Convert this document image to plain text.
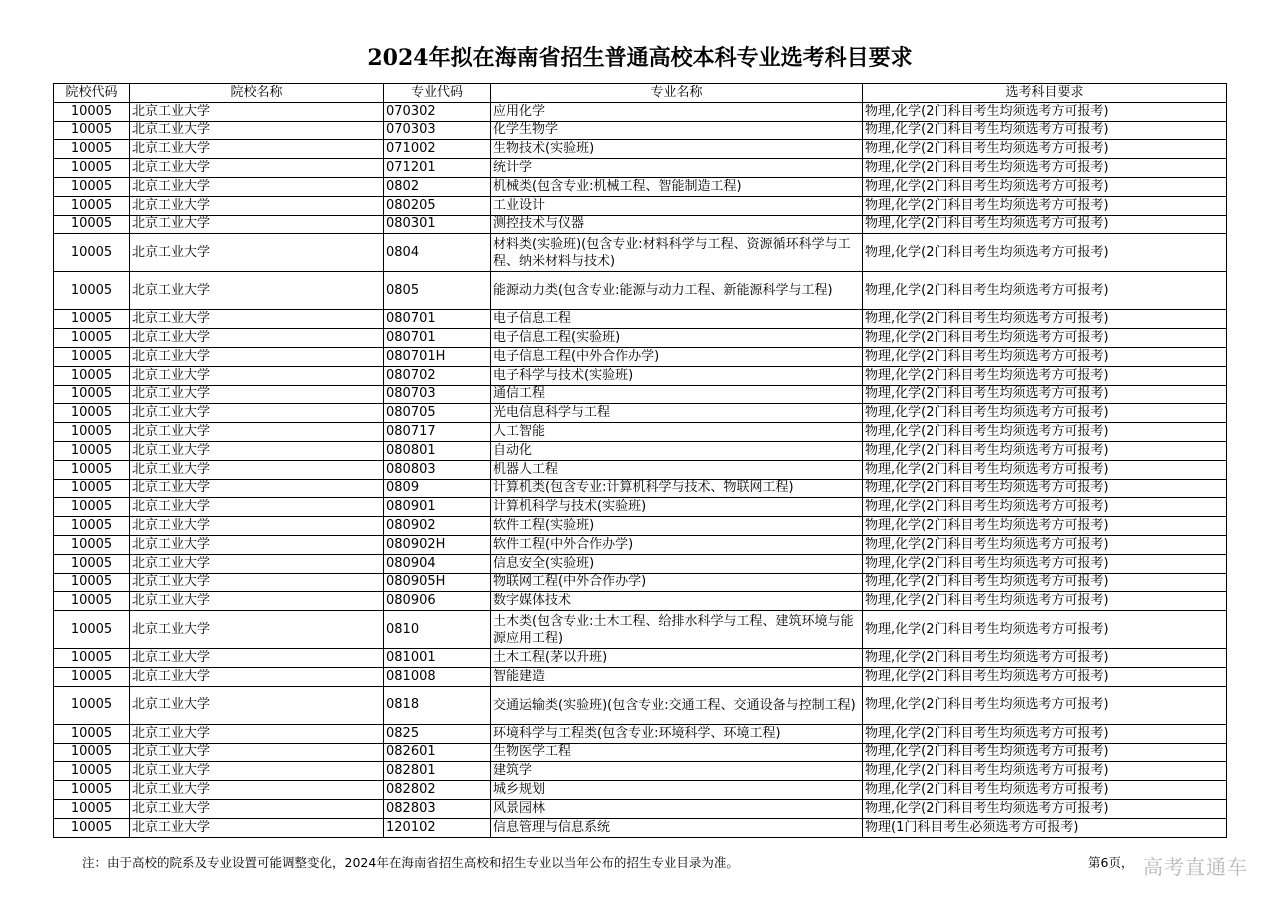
2024年拟在海南省招生普通高校本科专业选考科目要求
院校代码	院校名称	专业代码	专业名称	选考科目要求
10005	北京工业大学	070302	应用化学	物理,化学(2门科目考生均须选考方可报考)
10005	北京工业大学	070303	化学生物学	物理,化学(2门科目考生均须选考方可报考)
10005	北京工业大学	071002	生物技术(实验班)	物理,化学(2门科目考生均须选考方可报考)
10005	北京工业大学	071201	统计学	物理,化学(2门科目考生均须选考方可报考)
10005	北京工业大学	0802	机械类(包含专业:机械工程、智能制造工程)	物理,化学(2门科目考生均须选考方可报考)
10005	北京工业大学	080205	工业设计	物理,化学(2门科目考生均须选考方可报考)
10005	北京工业大学	080301	测控技术与仪器	物理,化学(2门科目考生均须选考方可报考)
10005	北京工业大学	0804	材料类(实验班)(包含专业:材料科学与工程、资源循环科学与工程、纳米材料与技术)	物理,化学(2门科目考生均须选考方可报考)
10005	北京工业大学	0805	能源动力类(包含专业:能源与动力工程、新能源科学与工程)	物理,化学(2门科目考生均须选考方可报考)
10005	北京工业大学	080701	电子信息工程	物理,化学(2门科目考生均须选考方可报考)
10005	北京工业大学	080701	电子信息工程(实验班)	物理,化学(2门科目考生均须选考方可报考)
10005	北京工业大学	080701H	电子信息工程(中外合作办学)	物理,化学(2门科目考生均须选考方可报考)
10005	北京工业大学	080702	电子科学与技术(实验班)	物理,化学(2门科目考生均须选考方可报考)
10005	北京工业大学	080703	通信工程	物理,化学(2门科目考生均须选考方可报考)
10005	北京工业大学	080705	光电信息科学与工程	物理,化学(2门科目考生均须选考方可报考)
10005	北京工业大学	080717	人工智能	物理,化学(2门科目考生均须选考方可报考)
10005	北京工业大学	080801	自动化	物理,化学(2门科目考生均须选考方可报考)
10005	北京工业大学	080803	机器人工程	物理,化学(2门科目考生均须选考方可报考)
10005	北京工业大学	0809	计算机类(包含专业:计算机科学与技术、物联网工程)	物理,化学(2门科目考生均须选考方可报考)
10005	北京工业大学	080901	计算机科学与技术(实验班)	物理,化学(2门科目考生均须选考方可报考)
10005	北京工业大学	080902	软件工程(实验班)	物理,化学(2门科目考生均须选考方可报考)
10005	北京工业大学	080902H	软件工程(中外合作办学)	物理,化学(2门科目考生均须选考方可报考)
10005	北京工业大学	080904	信息安全(实验班)	物理,化学(2门科目考生均须选考方可报考)
10005	北京工业大学	080905H	物联网工程(中外合作办学)	物理,化学(2门科目考生均须选考方可报考)
10005	北京工业大学	080906	数字媒体技术	物理,化学(2门科目考生均须选考方可报考)
10005	北京工业大学	0810	土木类(包含专业:土木工程、给排水科学与工程、建筑环境与能源应用工程)	物理,化学(2门科目考生均须选考方可报考)
10005	北京工业大学	081001	土木工程(茅以升班)	物理,化学(2门科目考生均须选考方可报考)
10005	北京工业大学	081008	智能建造	物理,化学(2门科目考生均须选考方可报考)
10005	北京工业大学	0818	交通运输类(实验班)(包含专业:交通工程、交通设备与控制工程)	物理,化学(2门科目考生均须选考方可报考)
10005	北京工业大学	0825	环境科学与工程类(包含专业:环境科学、环境工程)	物理,化学(2门科目考生均须选考方可报考)
10005	北京工业大学	082601	生物医学工程	物理,化学(2门科目考生均须选考方可报考)
10005	北京工业大学	082801	建筑学	物理,化学(2门科目考生均须选考方可报考)
10005	北京工业大学	082802	城乡规划	物理,化学(2门科目考生均须选考方可报考)
10005	北京工业大学	082803	风景园林	物理,化学(2门科目考生均须选考方可报考)
10005	北京工业大学	120102	信息管理与信息系统	物理(1门科目考生必须选考方可报考)
注：由于高校的院系及专业设置可能调整变化，2024年在海南省招生高校和招生专业以当年公布的招生专业目录为准。	第6页， 高考直通车
